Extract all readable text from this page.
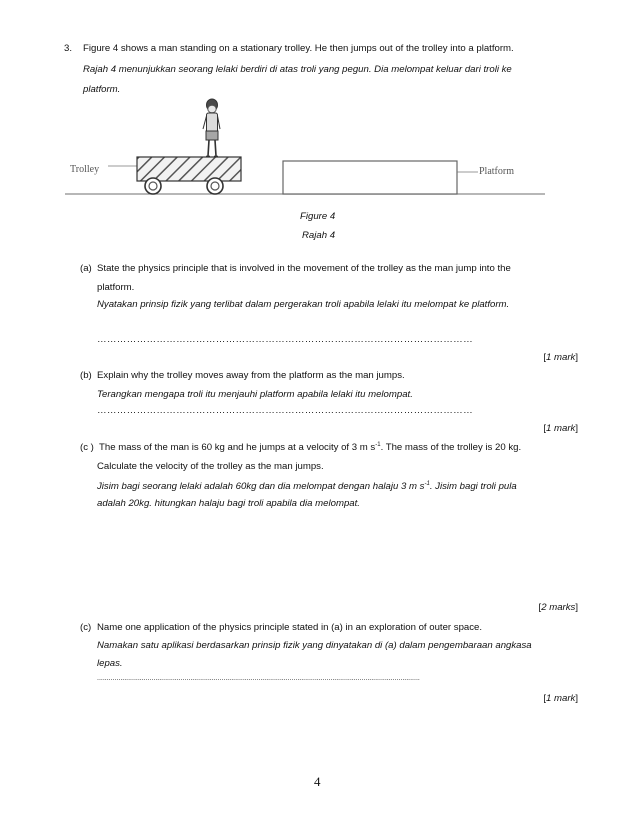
3. Figure 4 shows a man standing on a stationary trolley. He then jumps out of the trolley into a platform.
Rajah 4 menunjukkan seorang lelaki berdiri di atas troli yang pegun. Dia melompat keluar dari troli ke
platform.
Trolley	Platform
Figure 4
Rajah 4
(a) State the physics principle that is involved in the movement of the trolley as the man jump into the
platform.
Nyatakan prinsip fizik yang terlibat dalam pergerakan troli apabila lelaki itu melompat ke platform.
……………………………………………………………………………………………………
[1 mark]
(b) Explain why the trolley moves away from the platform as the man jumps.
Terangkan mengapa troli itu menjauhi platform apabila lelaki itu melompat.
……………………………………………………………………………………………………
[1 mark]
(c ) The mass of the man is 60 kg and he jumps at a velocity of 3 m $s^{-1}$. The mass of the trolley is 20 kg.
Calculate the velocity of the trolley as the man jumps.
Jisim bagi seorang lelaki adalah 60kg dan dia melompat dengan halaju 3 m $s^{-1}$. Jisim bagi troli pula
adalah 20kg. hitungkan halaju bagi troli apabila dia melompat.
[2 marks]
(c) Name one application of the physics principle stated in (a) in an exploration of outer space.
Namakan satu aplikasi berdasarkan prinsip fizik yang dinyatakan di (a) dalam pengembaraan angkasa
lepas.
......................................................................................................................................................................
[1 mark]
4
